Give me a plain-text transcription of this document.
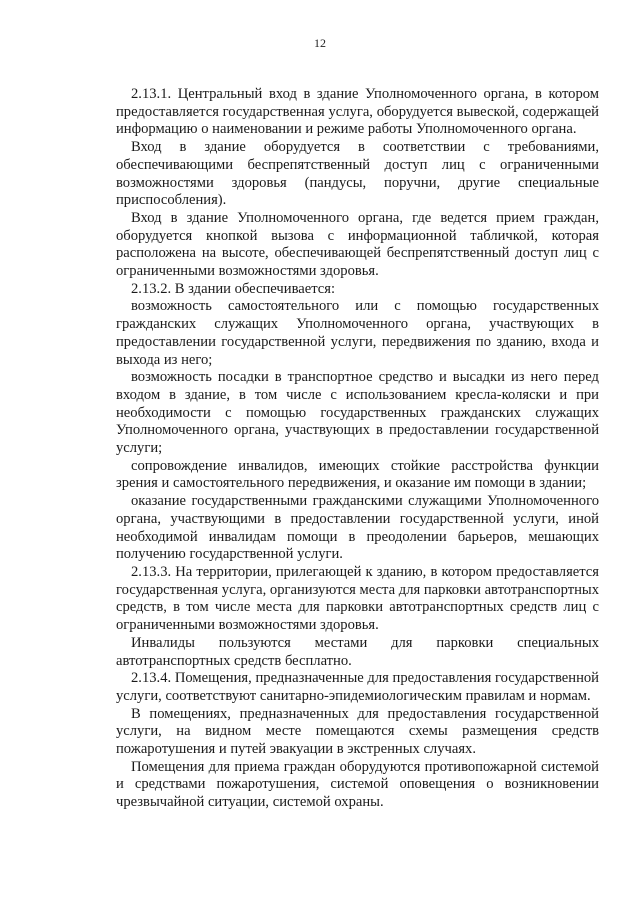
12

2.13.1. Центральный вход в здание Уполномоченного органа, в котором предоставляется государственная услуга, оборудуется вывеской, содержащей информацию о наименовании и режиме работы Уполномоченного органа.

Вход в здание оборудуется в соответствии с требованиями, обеспечивающими беспрепятственный доступ лиц с ограниченными возможностями здоровья (пандусы, поручни, другие специальные приспособления).

Вход в здание Уполномоченного органа, где ведется прием граждан, оборудуется кнопкой вызова с информационной табличкой, которая расположена на высоте, обеспечивающей беспрепятственный доступ лиц с ограниченными возможностями здоровья.

2.13.2. В здании обеспечивается:

возможность самостоятельного или с помощью государственных гражданских служащих Уполномоченного органа, участвующих в предоставлении государственной услуги, передвижения по зданию, входа и выхода из него;

возможность посадки в транспортное средство и высадки из него перед входом в здание, в том числе с использованием кресла-коляски и при необходимости с помощью государственных гражданских служащих Уполномоченного органа, участвующих в предоставлении государственной услуги;

сопровождение инвалидов, имеющих стойкие расстройства функции зрения и самостоятельного передвижения, и оказание им помощи в здании;

оказание государственными гражданскими служащими Уполномоченного органа, участвующими в предоставлении государственной услуги, иной необходимой инвалидам помощи в преодолении барьеров, мешающих получению государственной услуги.

2.13.3. На территории, прилегающей к зданию, в котором предоставляется государственная услуга, организуются места для парковки автотранспортных средств, в том числе места для парковки автотранспортных средств лиц с ограниченными возможностями здоровья.

Инвалиды пользуются местами для парковки специальных автотранспортных средств бесплатно.

2.13.4. Помещения, предназначенные для предоставления государственной услуги, соответствуют санитарно-эпидемиологическим правилам и нормам.

В помещениях, предназначенных для предоставления государственной услуги, на видном месте помещаются схемы размещения средств пожаротушения и путей эвакуации в экстренных случаях.

Помещения для приема граждан оборудуются противопожарной системой и средствами пожаротушения, системой оповещения о возникновении чрезвычайной ситуации, системой охраны.
